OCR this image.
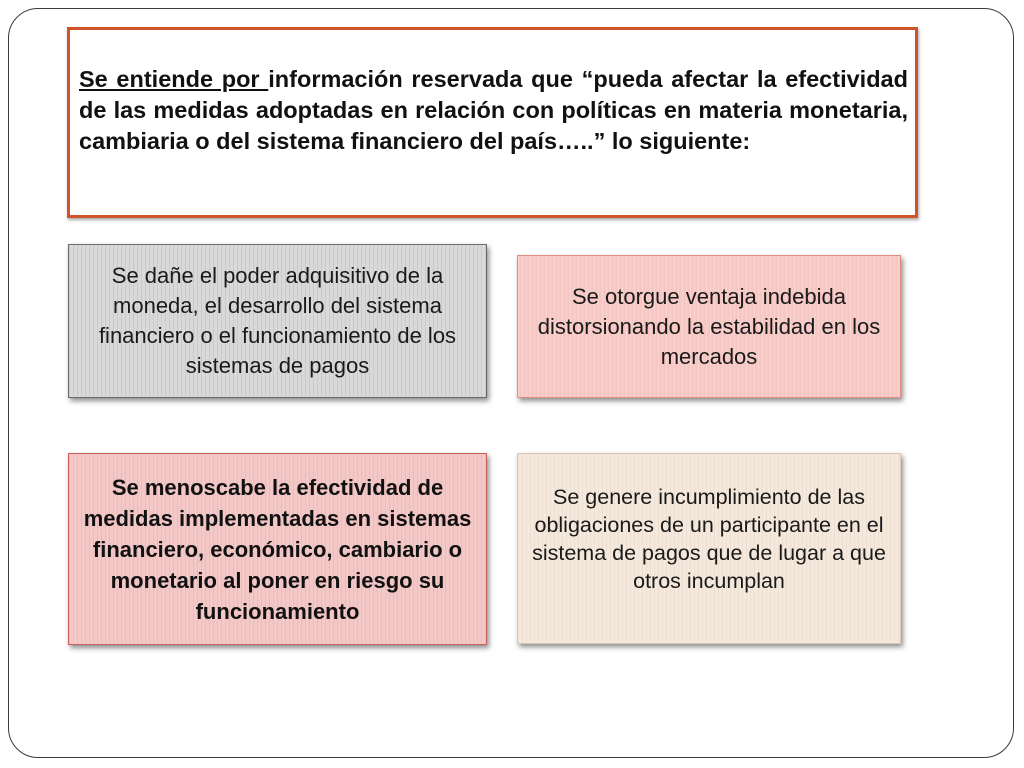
Se entiende por información reservada que “pueda afectar la efectividad de las medidas adoptadas en relación con políticas en materia monetaria, cambiaria o del sistema financiero del país…..” lo siguiente:

Se dañe el poder adquisitivo de la moneda, el desarrollo del sistema financiero o el funcionamiento de los sistemas de pagos

Se otorgue ventaja indebida distorsionando la estabilidad en los mercados

Se menoscabe la efectividad de medidas implementadas en sistemas financiero, económico, cambiario o monetario al poner en riesgo su funcionamiento

Se genere incumplimiento de las obligaciones de un participante en el sistema de pagos que de lugar a que otros incumplan
